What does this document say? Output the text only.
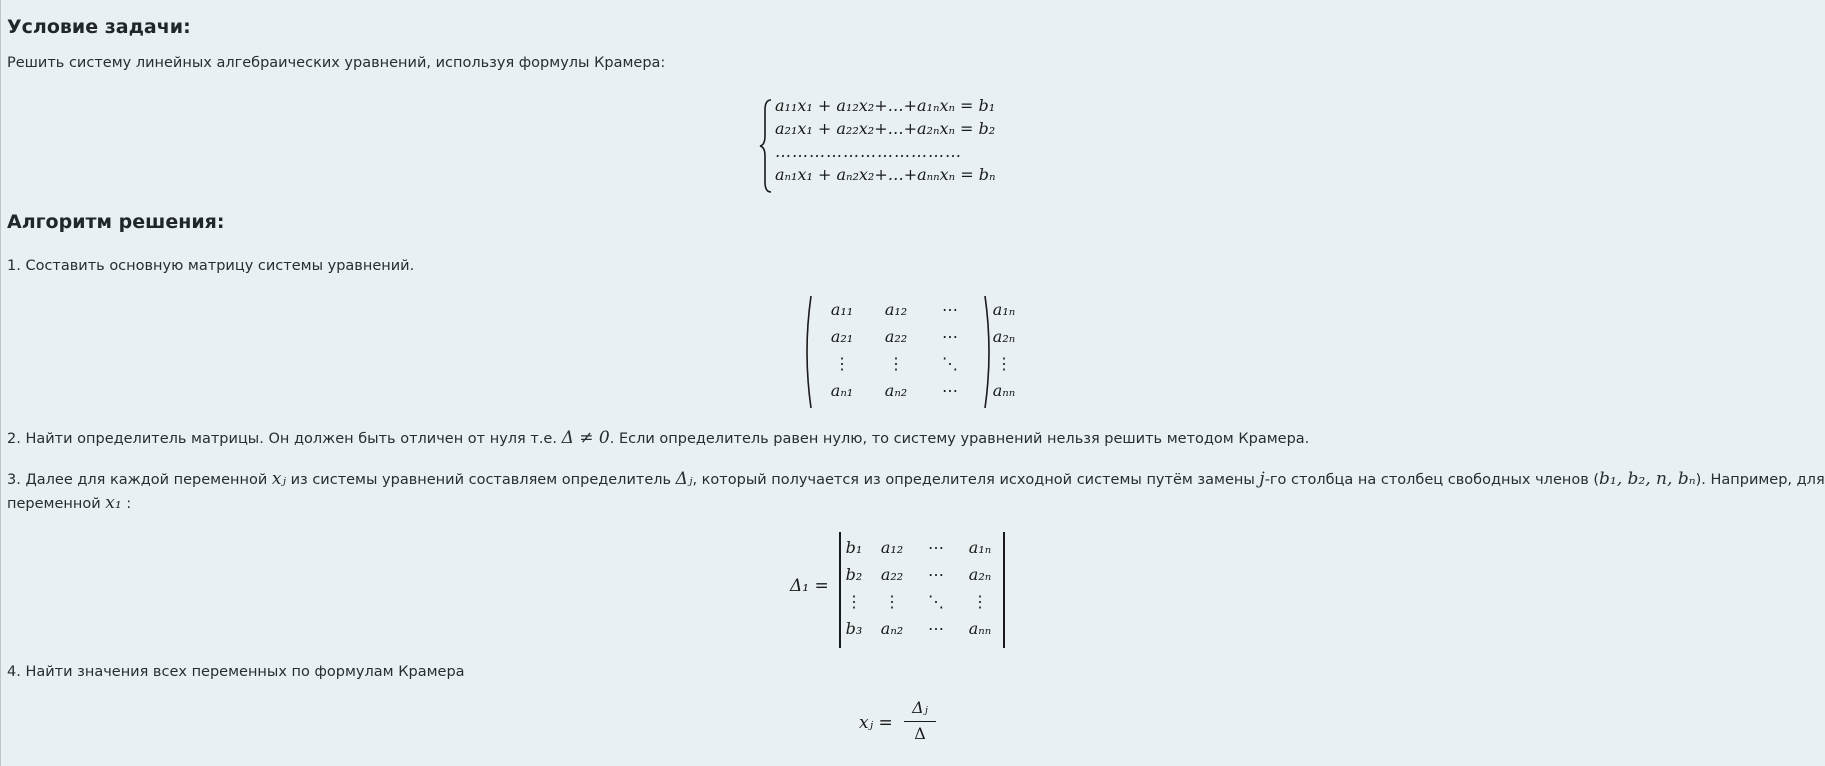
Условие задачи:
Решить систему линейных алгебраических уравнений, используя формулы Крамера:
a₁₁x₁ + a₁₂x₂+…+a₁ₙxₙ = b₁
a₂₁x₁ + a₂₂x₂+…+a₂ₙxₙ = b₂
……………………………
aₙ₁x₁ + aₙ₂x₂+…+aₙₙxₙ = bₙ
Алгоритм решения:
1. Составить основную матрицу системы уравнений.
a₁₁	a₁₂	⋯	a₁ₙ
a₂₁	a₂₂	⋯	a₂ₙ
⋮	⋮	⋱	⋮
aₙ₁	aₙ₂	⋯	aₙₙ
2. Найти определитель матрицы. Он должен быть отличен от нуля т.е. Δ ≠ 0. Если определитель равен нулю, то систему уравнений нельзя решить методом Крамера.
3. Далее для каждой переменной xⱼ из системы уравнений составляем определитель Δⱼ, который получается из определителя исходной системы путём замены j-го столбца на столбец свободных членов (b₁, b₂, n, bₙ). Например, для
переменной x₁ :
Δ₁ =
b₁	a₁₂	⋯	a₁ₙ
b₂	a₂₂	⋯	a₂ₙ
⋮	⋮	⋱	⋮
b₃	aₙ₂	⋯	aₙₙ
4. Найти значения всех переменных по формулам Крамера
xⱼ =
Δⱼ
Δ
